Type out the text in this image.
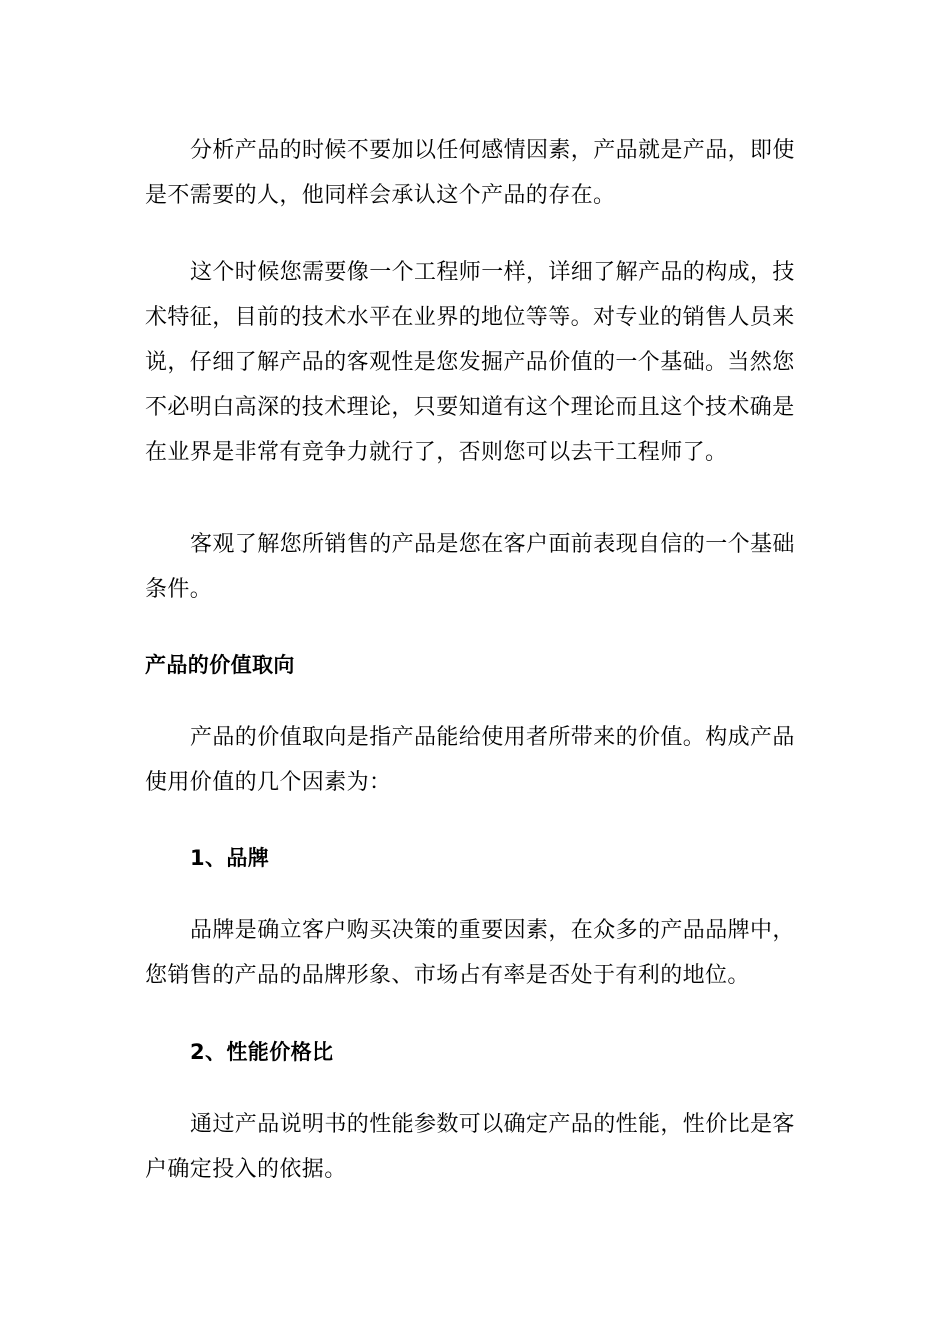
分析产品的时候不要加以任何感情因素，产品就是产品，即使是不需要的人，他同样会承认这个产品的存在。

这个时候您需要像一个工程师一样，详细了解产品的构成，技术特征，目前的技术水平在业界的地位等等。对专业的销售人员来说，仔细了解产品的客观性是您发掘产品价值的一个基础。当然您不必明白高深的技术理论，只要知道有这个理论而且这个技术确是在业界是非常有竞争力就行了，否则您可以去干工程师了。

客观了解您所销售的产品是您在客户面前表现自信的一个基础条件。

产品的价值取向

产品的价值取向是指产品能给使用者所带来的价值。构成产品使用价值的几个因素为：

1、品牌

品牌是确立客户购买决策的重要因素，在众多的产品品牌中，您销售的产品的品牌形象、市场占有率是否处于有利的地位。

2、性能价格比

通过产品说明书的性能参数可以确定产品的性能，性价比是客户确定投入的依据。
